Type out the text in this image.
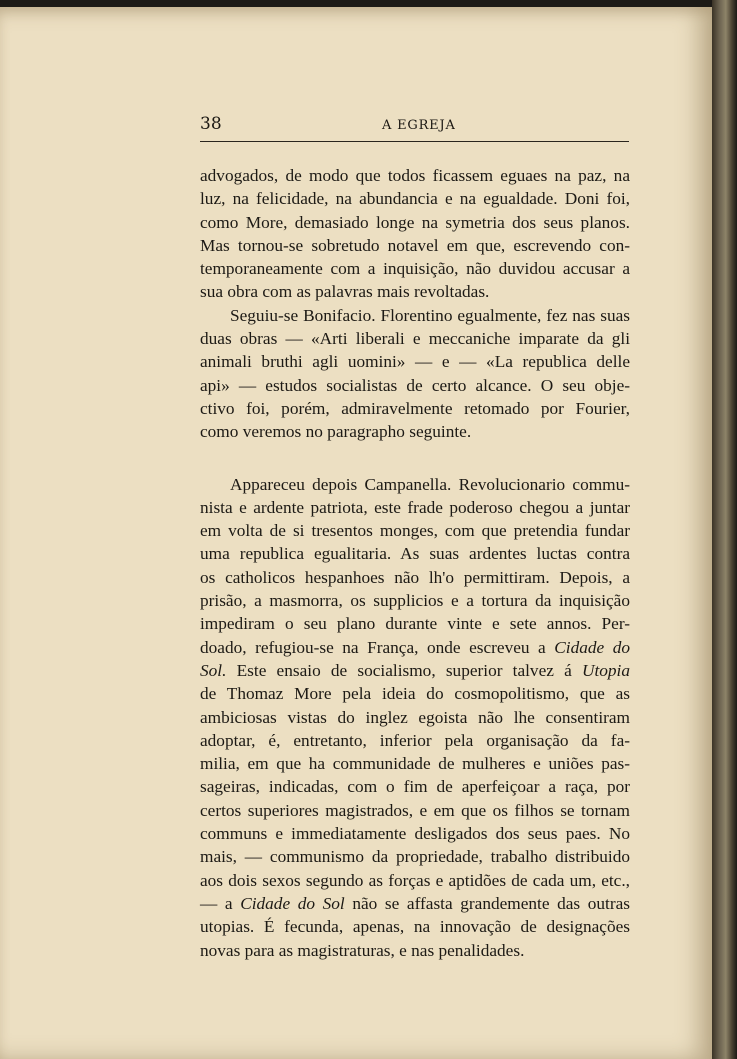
38	A EGREJA
advogados, de modo que todos ficassem eguaes na paz, na
luz, na felicidade, na abundancia e na egualdade. Doni foi,
como More, demasiado longe na symetria dos seus planos.
Mas tornou-se sobretudo notavel em que, escrevendo con-
temporaneamente com a inquisição, não duvidou accusar a
sua obra com as palavras mais revoltadas.
Seguiu-se Bonifacio. Florentino egualmente, fez nas suas
duas obras — «Arti liberali e meccaniche imparate da gli
animali bruthi agli uomini» — e — «La republica delle
api» — estudos socialistas de certo alcance. O seu obje-
ctivo foi, porém, admiravelmente retomado por Fourier,
como veremos no paragrapho seguinte.
Appareceu depois Campanella. Revolucionario commu-
nista e ardente patriota, este frade poderoso chegou a juntar
em volta de si tresentos monges, com que pretendia fundar
uma republica egualitaria. As suas ardentes luctas contra
os catholicos hespanhoes não lh'o permittiram. Depois, a
prisão, a masmorra, os supplicios e a tortura da inquisição
impediram o seu plano durante vinte e sete annos. Per-
doado, refugiou-se na França, onde escreveu a Cidade do
Sol. Este ensaio de socialismo, superior talvez á Utopia
de Thomaz More pela ideia do cosmopolitismo, que as
ambiciosas vistas do inglez egoista não lhe consentiram
adoptar, é, entretanto, inferior pela organisação da fa-
milia, em que ha communidade de mulheres e uniões pas-
sageiras, indicadas, com o fim de aperfeiçoar a raça, por
certos superiores magistrados, e em que os filhos se tornam
communs e immediatamente desligados dos seus paes. No
mais, — communismo da propriedade, trabalho distribuido
aos dois sexos segundo as forças e aptidões de cada um, etc.,
— a Cidade do Sol não se affasta grandemente das outras
utopias. É fecunda, apenas, na innovação de designações
novas para as magistraturas, e nas penalidades.
